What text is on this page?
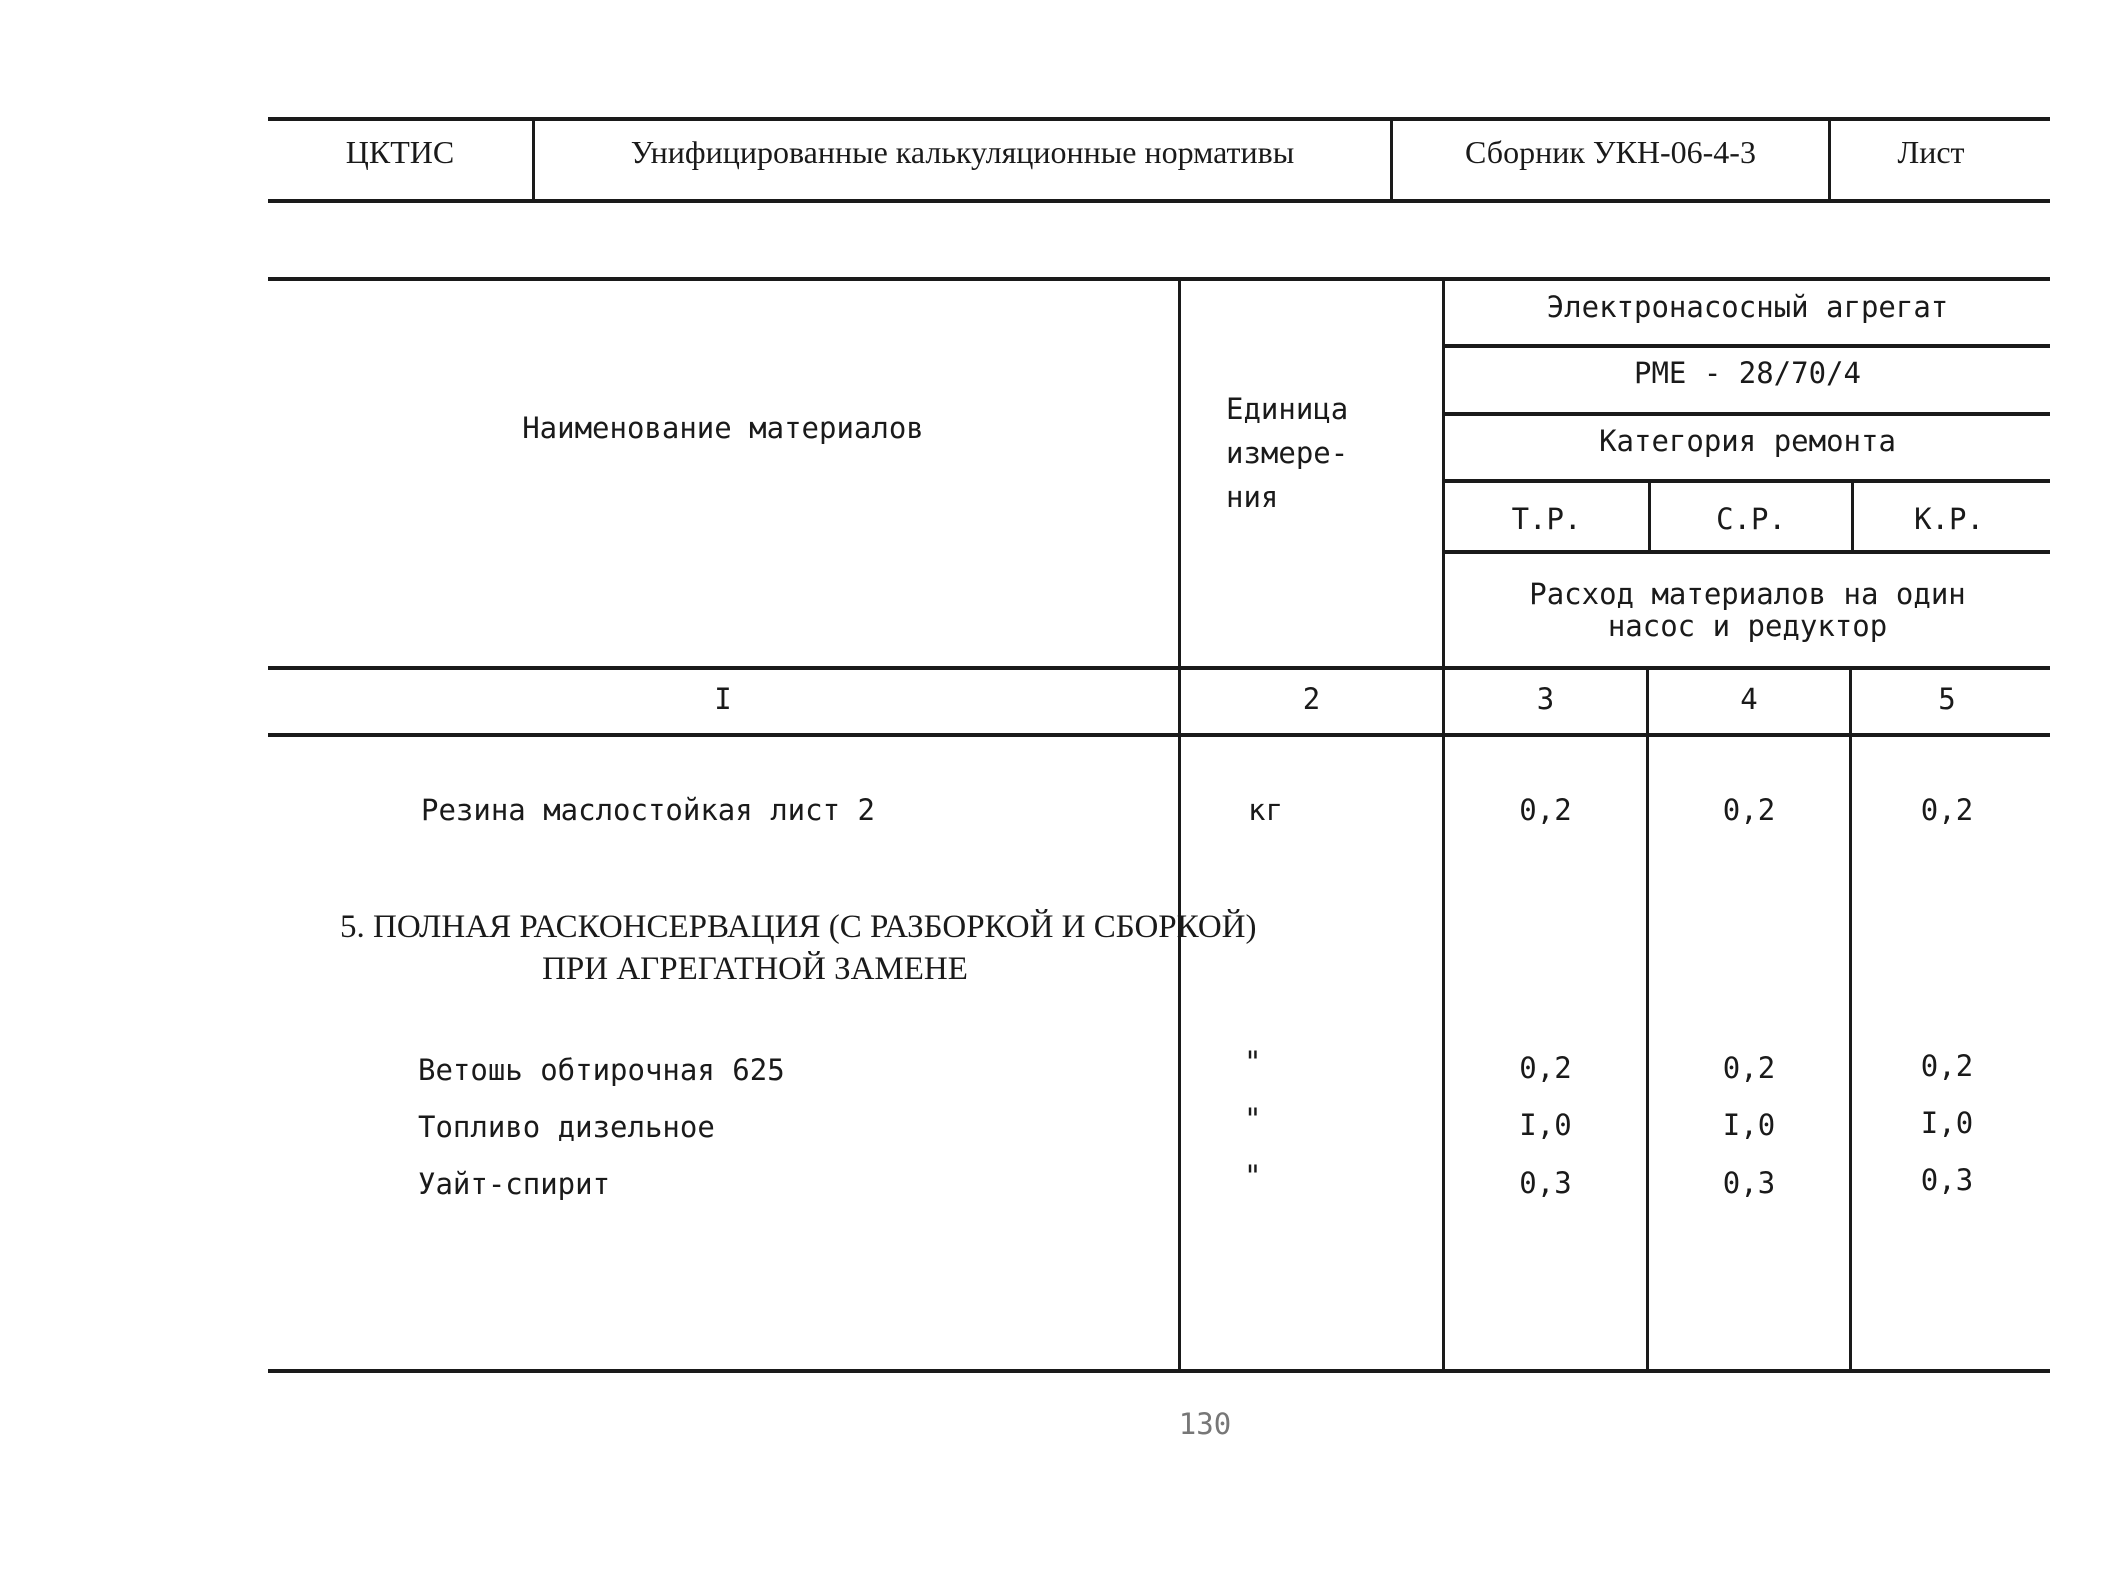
ЦКТИС	Унифицированные калькуляционные нормативы	Сборник УКН-06-4-3	Лист
Наименование материалов
Единица
измере-
ния
Электронасосный агрегат
РМЕ - 28/70/4
Категория ремонта
Т.Р.	С.Р.	К.Р.
Расход материалов на один
насос и редуктор
I	2	3	4	5
Резина маслостойкая лист 2	кг	0,2	0,2	0,2
5. ПОЛНАЯ РАСКОНСЕРВАЦИЯ (С РАЗБОРКОЙ И СБОРКОЙ)
ПРИ АГРЕГАТНОЙ ЗАМЕНЕ
Ветошь обтирочная 625	"	0,2	0,2	0,2
Топливо дизельное	"	I,0	I,0	I,0
Уайт-спирит	"	0,3	0,3	0,3
130
